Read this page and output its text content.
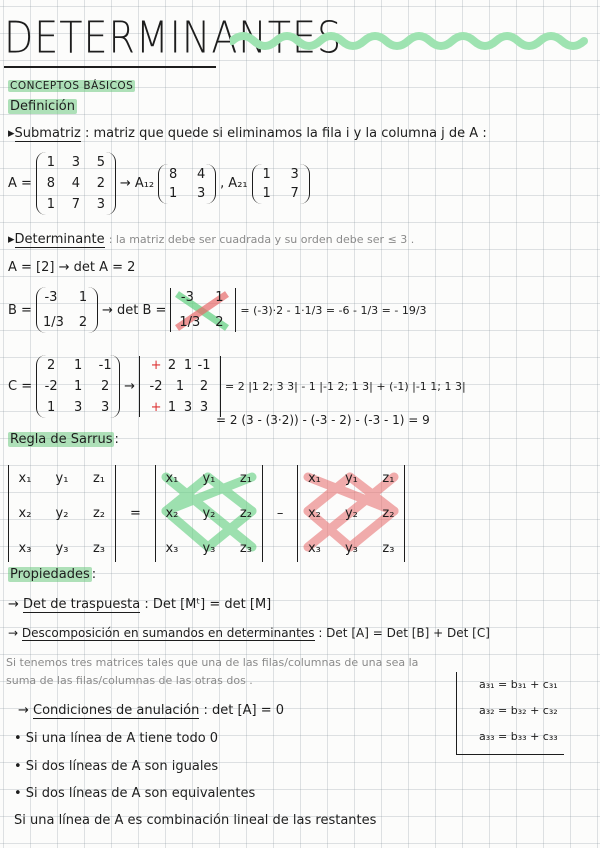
DETERMINANTES
CONCEPTOS BÁSICOS
Definición
▸Submatriz : matriz que quede si eliminamos la fila i y la columna j de A :
A =
1 3 5
8 4 2
1 7 3
→ A₁₂
8 4
1 3
, A₂₁
1 3
1 7
▸Determinante : la matriz debe ser cuadrada y su orden debe ser ≤ 3 .
A = [2] → det A = 2
B =
-3 1
1/3 2
→ det B =
-3 1
1/3 2
= (-3)·2 - 1·1/3 = -6 - 1/3 = - 19/3
C =
2 1 -1
-2 1 2
1 3 3
→
+ 2 1 -1
-2 1 2
+ 1 3 3
= 2 |1 2; 3 3| - 1 |-1 2; 1 3| + (-1) |-1 1; 1 3|
= 2 (3 - (3·2)) - (-3 - 2) - (-3 - 1) = 9
Regla de Sarrus :
x₁ y₁ z₁
x₂ y₂ z₂
x₃ y₃ z₃
=
x₁ y₁ z₁
x₂ y₂ z₂
x₃ y₃ z₃
–
x₁ y₁ z₁
x₂ y₂ z₂
x₃ y₃ z₃
Propiedades :
→ Det de traspuesta : Det [Mᵗ] = det [M]
→ Descomposición en sumandos en determinantes : Det [A] = Det [B] + Det [C]
Si tenemos tres matrices tales que una de las filas/columnas de una sea la suma de las filas/columnas de las otras dos .	a₃₁ = b₃₁ + c₃₁
a₃₂ = b₃₂ + c₃₂
a₃₃ = b₃₃ + c₃₃
→ Condiciones de anulación : det [A] = 0
• Si una línea de A tiene todo 0
• Si dos líneas de A son iguales
• Si dos líneas de A son equivalentes
Si una línea de A es combinación lineal de las restantes
